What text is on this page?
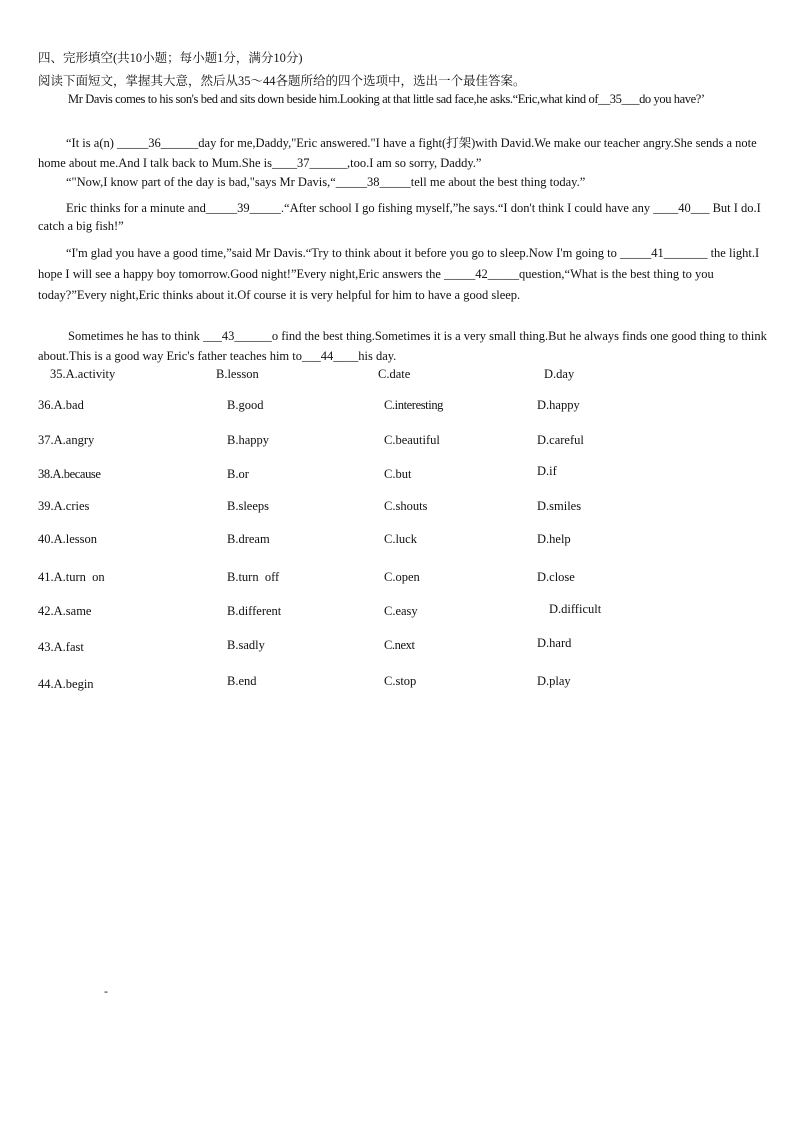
四、完形填空(共10小题；每小题1分，满分10分)
阅读下面短文，掌握其大意，然后从35～44各题所给的四个选项中，选出一个最佳答案。
Mr Davis comes to his son's bed and sits down beside him.Looking at that little sad face,he asks.“Eric,what kind of__35___do you have?’
“It is a(n) _____36______day for me,Daddy,"Eric answered."I have a fight(打架)with David.We make our teacher angry.She sends a note home about me.And I talk back to Mum.She is____37______,too.I am so sorry, Daddy.”
“"Now,I know part of the day is bad,"says Mr Davis,“_____38_____tell me about the best thing today.”
Eric thinks for a minute and_____39_____.“After school I go fishing myself,”he says.“I don't think I could have any ____40___ But I do.I catch a big fish!”
“I'm glad you have a good time,”said Mr Davis.“Try to think about it before you go to sleep.Now I'm going to _____41_______ the light.I hope I will see a happy boy tomorrow.Good night!”Every night,Eric answers the _____42_____question,“What is the best thing to you today?”Every night,Eric thinks about it.Of course it is very helpful for him to have a good sleep.
Sometimes he has to think ___43______o find the best thing.Sometimes it is a very small thing.But he always finds one good thing to think about.This is a good way Eric's father teaches him to___44____his day.
35.A.activity	B.lesson	C.date	D.day
36.A.bad	B.good	C.interesting	D.happy
37.A.angry	B.happy	C.beautiful	D.careful
38.A.because	B.or	C.but	D.if
39.A.cries	B.sleeps	C.shouts	D.smiles
40.A.lesson	B.dream	C.luck	D.help
41.A.turn  on	B.turn  off	C.open	D.close
42.A.same	B.different	C.easy	D.difficult
43.A.fast	B.sadly	C.next	D.hard
44.A.begin	B.end	C.stop	D.play
-
